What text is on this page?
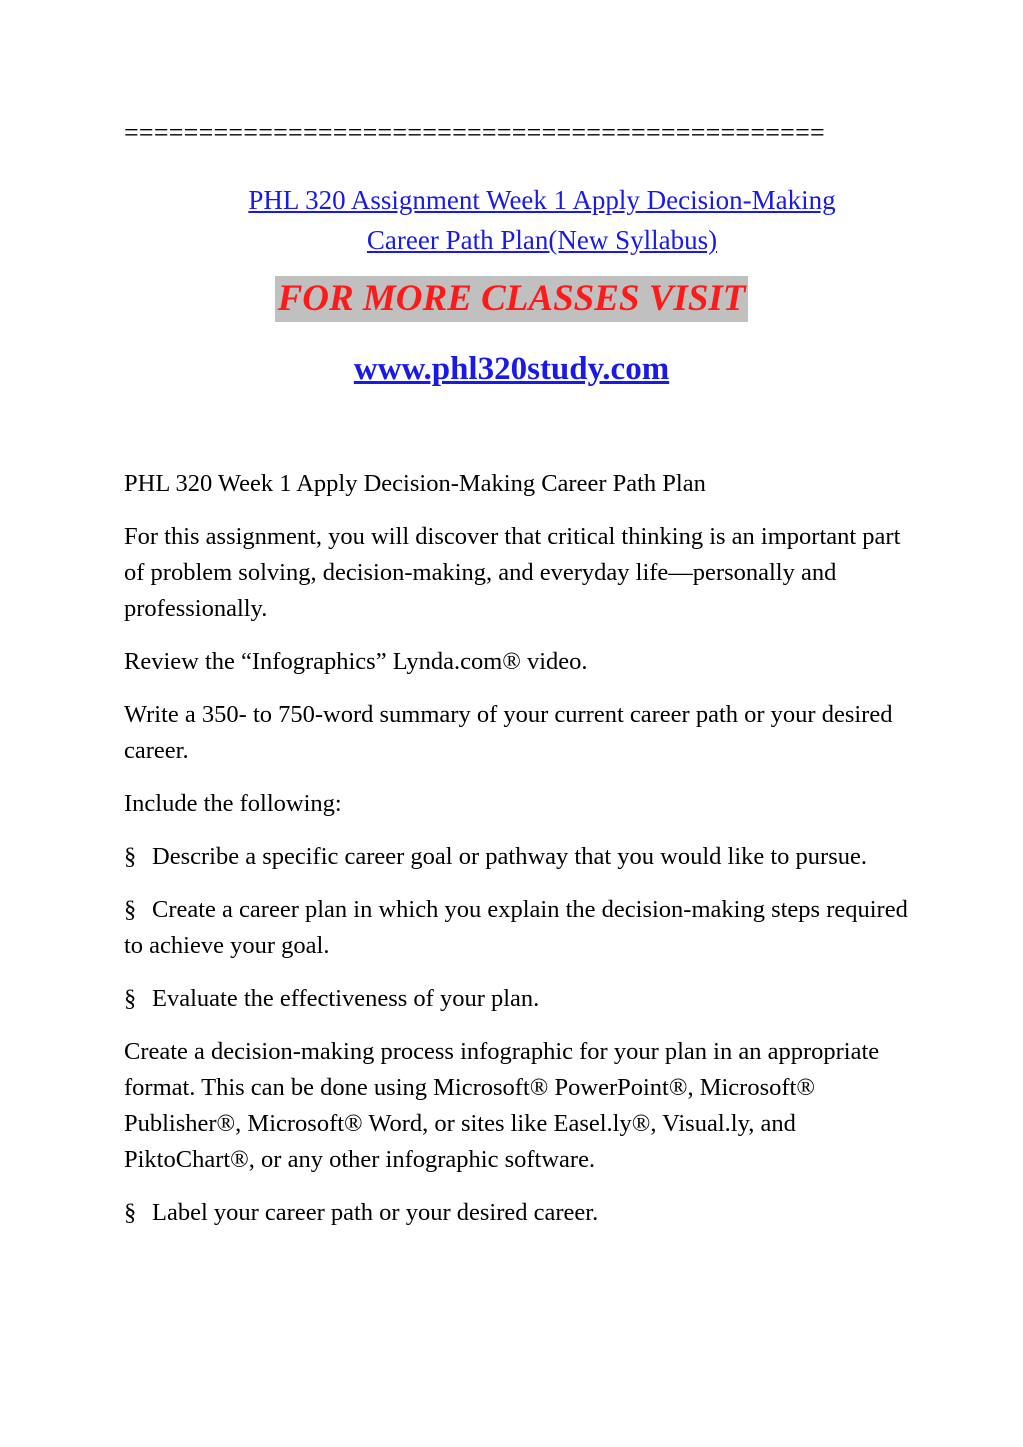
===============================================
PHL 320 Assignment Week 1 Apply Decision-Making
Career Path Plan(New Syllabus)
FOR MORE CLASSES VISIT
www.phl320study.com

PHL 320 Week 1 Apply Decision-Making Career Path Plan

For this assignment, you will discover that critical thinking is an important part of problem solving, decision-making, and everyday life—personally and professionally.

Review the “Infographics” Lynda.com® video.

Write a 350- to 750-word summary of your current career path or your desired career.

Include the following:

§ Describe a specific career goal or pathway that you would like to pursue.

§ Create a career plan in which you explain the decision-making steps required to achieve your goal.

§ Evaluate the effectiveness of your plan.

Create a decision-making process infographic for your plan in an appropriate format. This can be done using Microsoft® PowerPoint®, Microsoft® Publisher®, Microsoft® Word, or sites like Easel.ly®, Visual.ly, and PiktoChart®, or any other infographic software.

§ Label your career path or your desired career.
